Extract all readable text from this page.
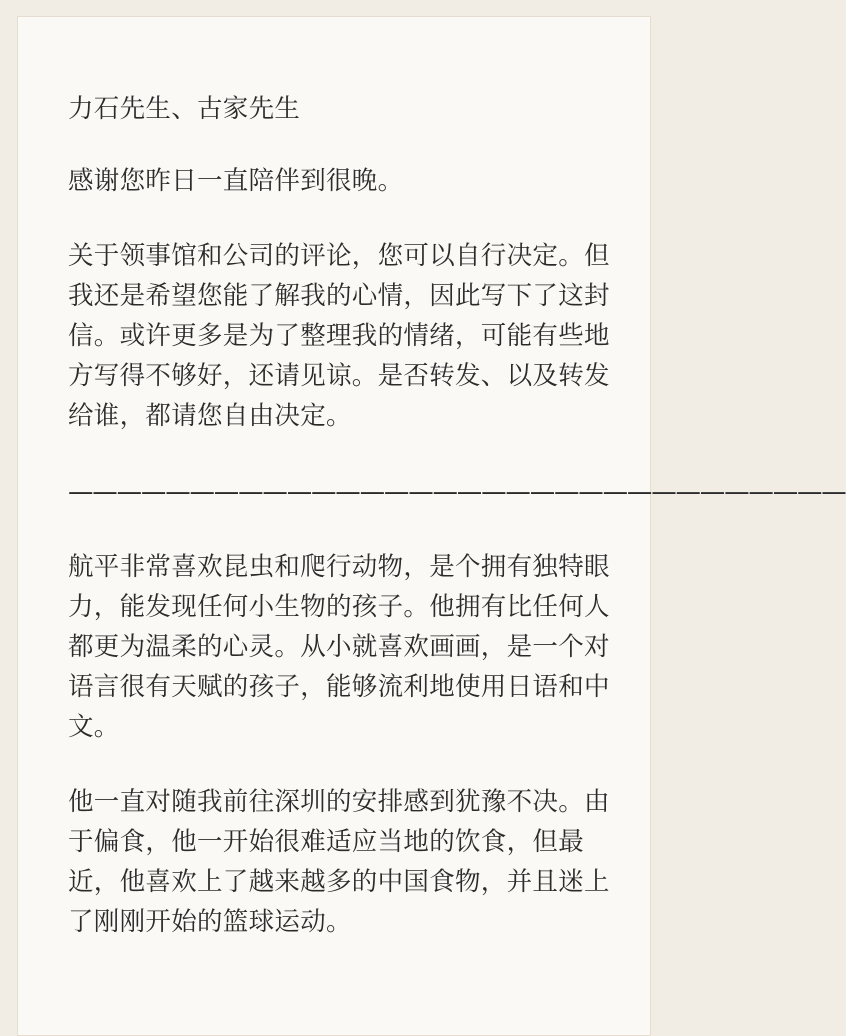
力石先生、古家先生

感谢您昨日一直陪伴到很晚。

关于领事馆和公司的评论，您可以自行决定。但我还是希望您能了解我的心情，因此写下了这封信。或许更多是为了整理我的情绪，可能有些地方写得不够好，还请见谅。是否转发、以及转发给谁，都请您自由决定。

————————————————————————————————

航平非常喜欢昆虫和爬行动物，是个拥有独特眼力，能发现任何小生物的孩子。他拥有比任何人都更为温柔的心灵。从小就喜欢画画，是一个对语言很有天赋的孩子，能够流利地使用日语和中文。

他一直对随我前往深圳的安排感到犹豫不决。由于偏食，他一开始很难适应当地的饮食，但最近，他喜欢上了越来越多的中国食物，并且迷上了刚刚开始的篮球运动。
